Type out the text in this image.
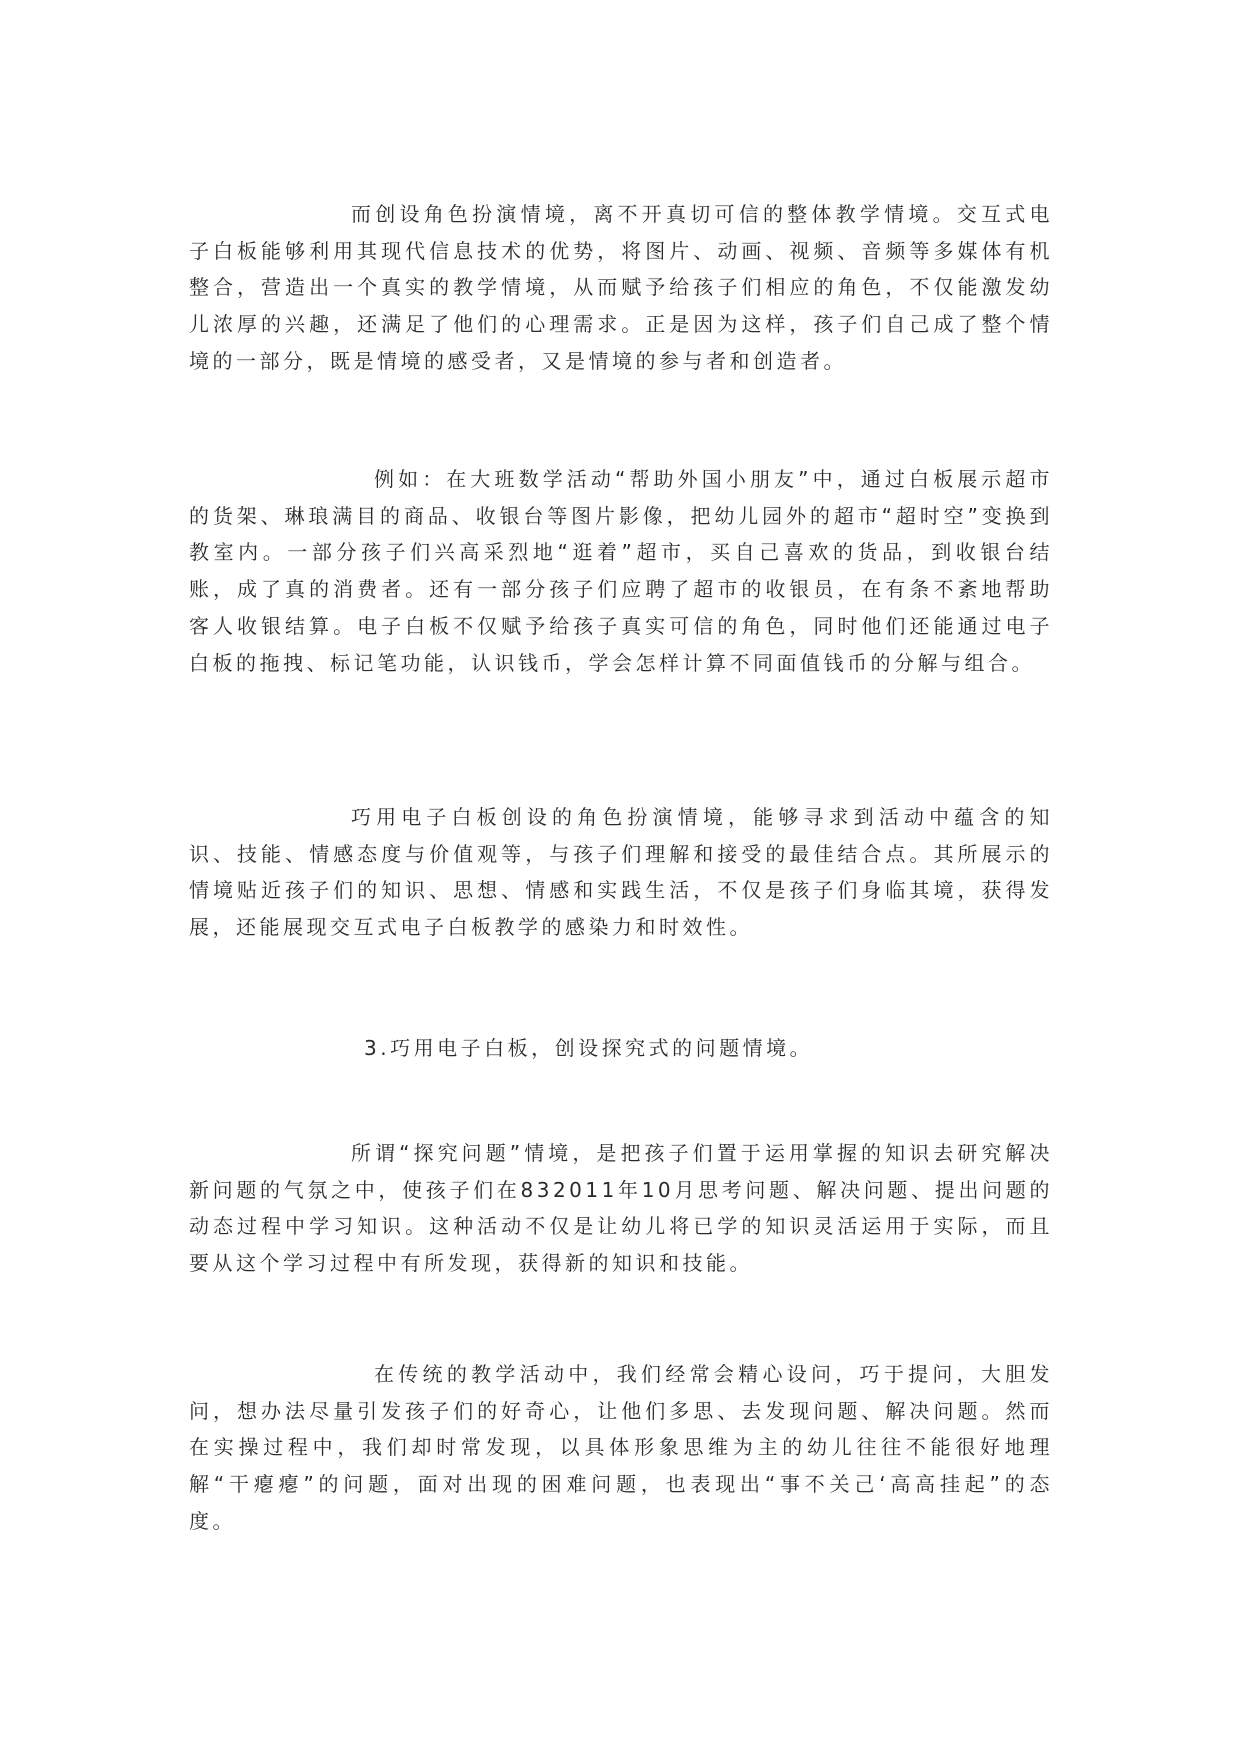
而创设角色扮演情境，离不开真切可信的整体教学情境。交互式电子白板能够利用其现代信息技术的优势，将图片、动画、视频、音频等多媒体有机整合，营造出一个真实的教学情境，从而赋予给孩子们相应的角色，不仅能激发幼儿浓厚的兴趣，还满足了他们的心理需求。正是因为这样，孩子们自己成了整个情境的一部分，既是情境的感受者，又是情境的参与者和创造者。

例如：在大班数学活动“帮助外国小朋友”中，通过白板展示超市的货架、琳琅满目的商品、收银台等图片影像，把幼儿园外的超市“超时空”变换到教室内。一部分孩子们兴高采烈地“逛着”超市，买自己喜欢的货品，到收银台结账，成了真的消费者。还有一部分孩子们应聘了超市的收银员，在有条不紊地帮助客人收银结算。电子白板不仅赋予给孩子真实可信的角色，同时他们还能通过电子白板的拖拽、标记笔功能，认识钱币，学会怎样计算不同面值钱币的分解与组合。

巧用电子白板创设的角色扮演情境，能够寻求到活动中蕴含的知识、技能、情感态度与价值观等，与孩子们理解和接受的最佳结合点。其所展示的情境贴近孩子们的知识、思想、情感和实践生活，不仅是孩子们身临其境，获得发展，还能展现交互式电子白板教学的感染力和时效性。

3.巧用电子白板，创设探究式的问题情境。

所谓“探究问题”情境，是把孩子们置于运用掌握的知识去研究解决新问题的气氛之中，使孩子们在832011年10月思考问题、解决问题、提出问题的动态过程中学习知识。这种活动不仅是让幼儿将已学的知识灵活运用于实际，而且要从这个学习过程中有所发现，获得新的知识和技能。

在传统的教学活动中，我们经常会精心设问，巧于提问，大胆发问，想办法尽量引发孩子们的好奇心，让他们多思、去发现问题、解决问题。然而在实操过程中，我们却时常发现，以具体形象思维为主的幼儿往往不能很好地理解“干瘪瘪”的问题，面对出现的困难问题，也表现出“事不关己‘高高挂起”的态度。
